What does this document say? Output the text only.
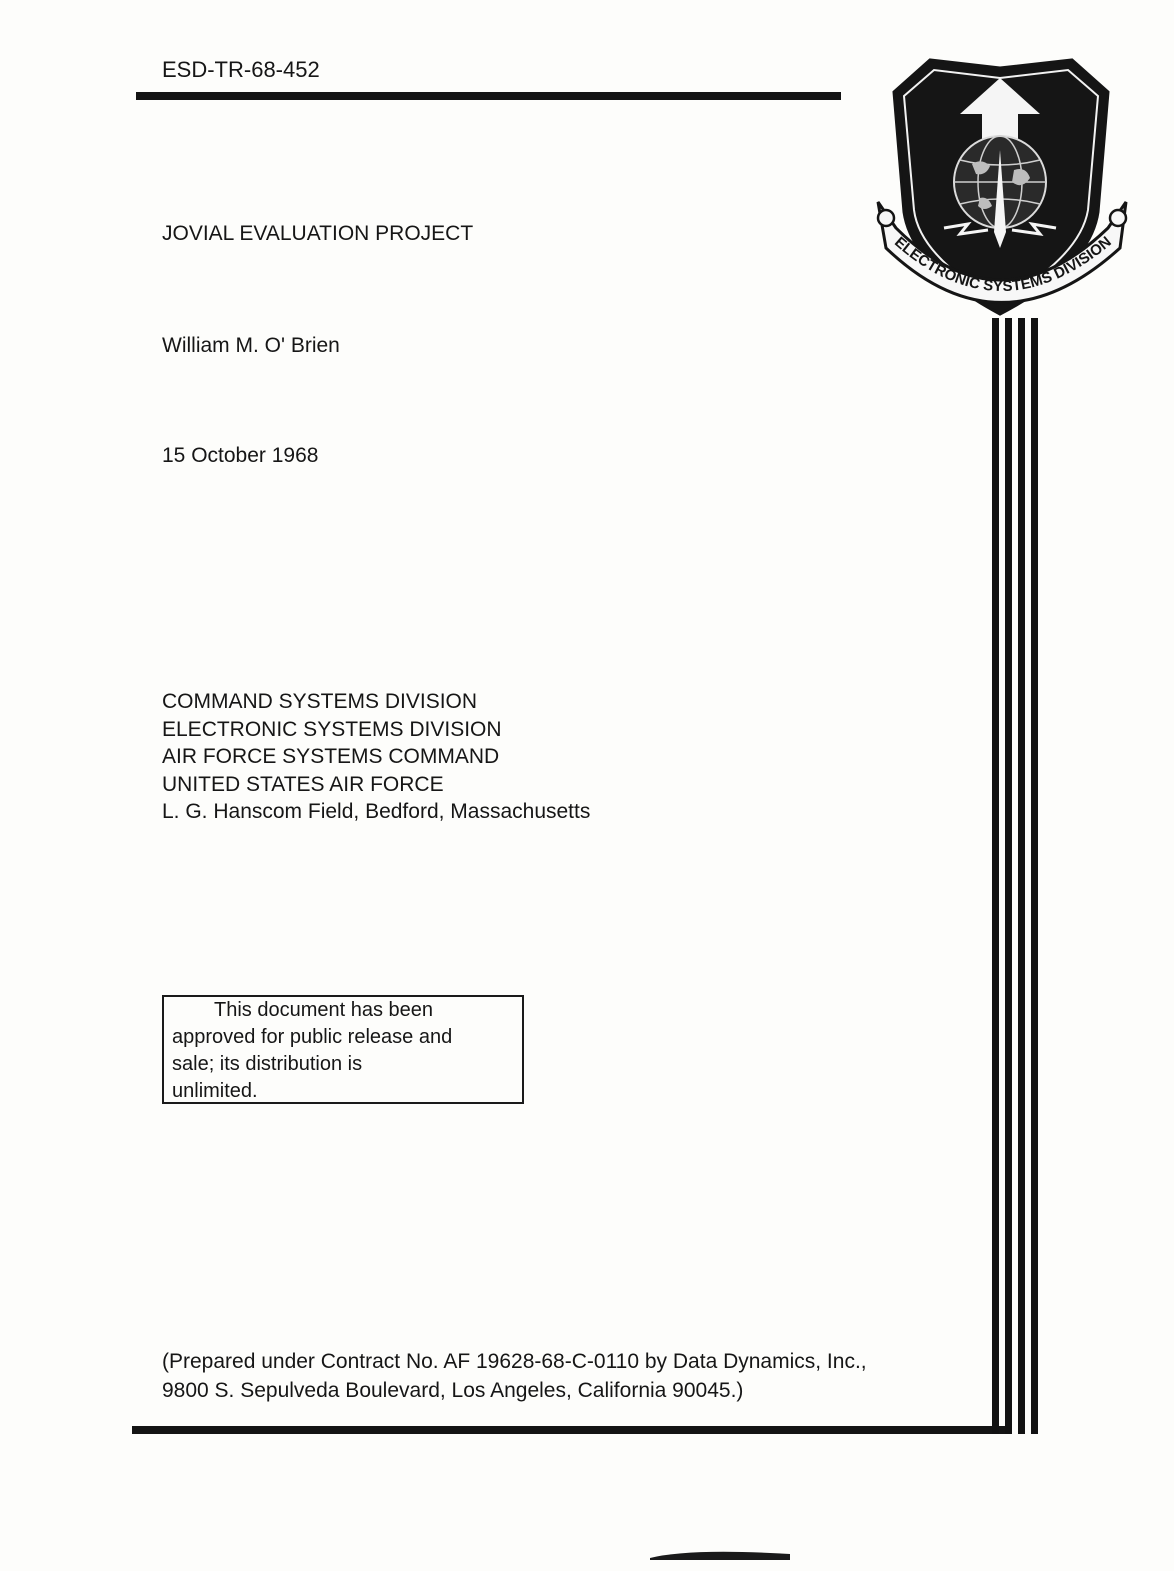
ESD-TR-68-452
JOVIAL EVALUATION PROJECT
William M. O' Brien
15 October 1968
COMMAND SYSTEMS DIVISION
ELECTRONIC SYSTEMS DIVISION
AIR FORCE SYSTEMS COMMAND
UNITED STATES AIR FORCE
L. G. Hanscom Field, Bedford, Massachusetts
This document has been
approved for public release and
sale; its distribution is
unlimited.
(Prepared under Contract No. AF 19628-68-C-0110 by Data Dynamics, Inc.,
9800 S. Sepulveda Boulevard, Los Angeles, California 90045.)
ELECTRONIC SYSTEMS DIVISION
